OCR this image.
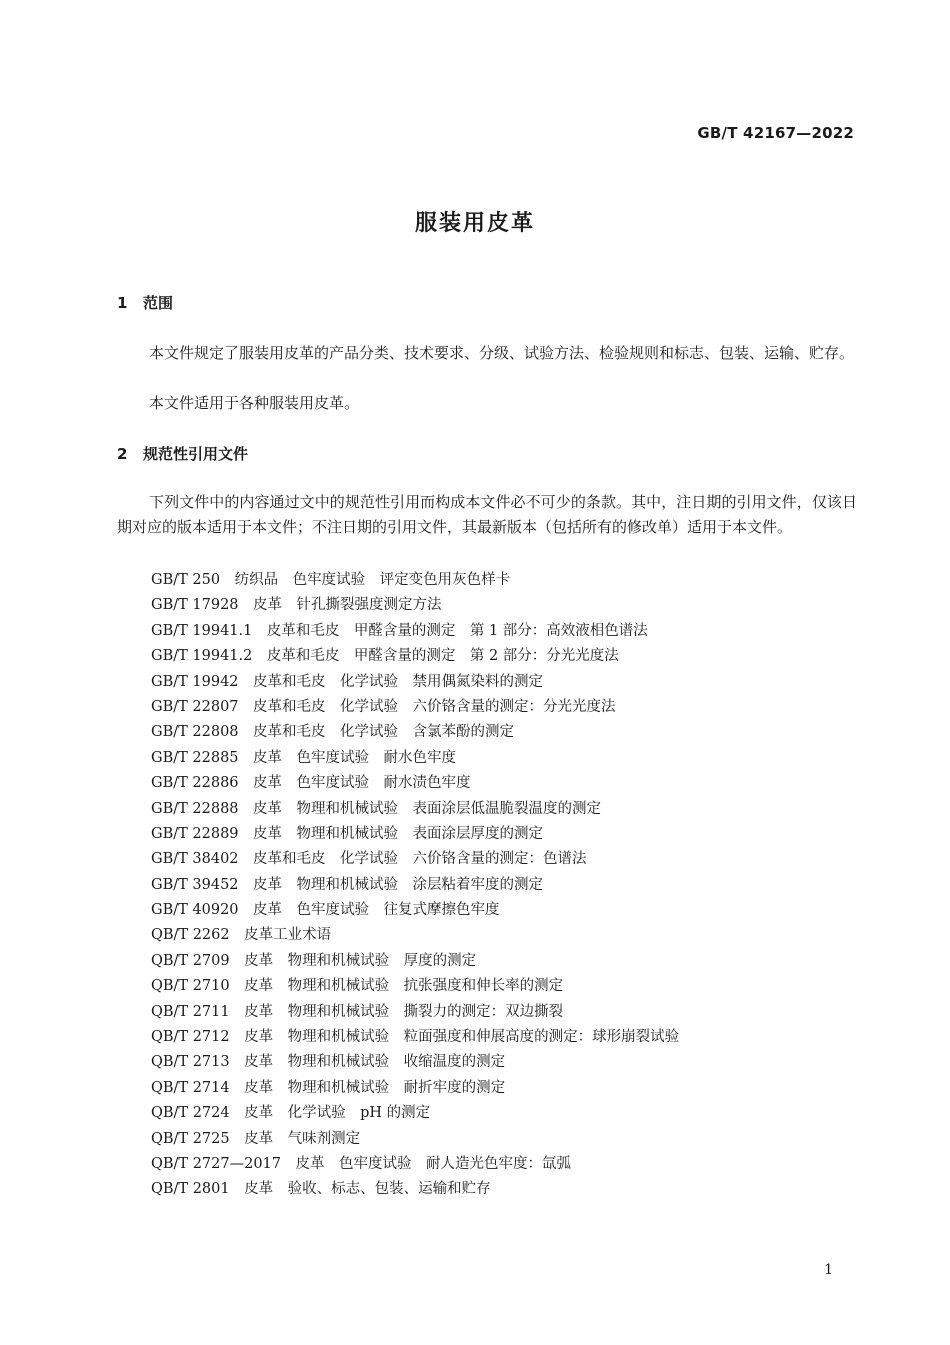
GB/T 42167—2022
服装用皮革
1 范围

本文件规定了服装用皮革的产品分类、技术要求、分级、试验方法、检验规则和标志、包装、运输、贮存。

本文件适用于各种服装用皮革。

2 规范性引用文件

下列文件中的内容通过文中的规范性引用而构成本文件必不可少的条款。其中，注日期的引用文件，仅该日期对应的版本适用于本文件；不注日期的引用文件，其最新版本（包括所有的修改单）适用于本文件。

GB/T 250　纺织品　色牢度试验　评定变色用灰色样卡
GB/T 17928　皮革　针孔撕裂强度测定方法
GB/T 19941.1　皮革和毛皮　甲醛含量的测定　第 1 部分：高效液相色谱法
GB/T 19941.2　皮革和毛皮　甲醛含量的测定　第 2 部分：分光光度法
GB/T 19942　皮革和毛皮　化学试验　禁用偶氮染料的测定
GB/T 22807　皮革和毛皮　化学试验　六价铬含量的测定：分光光度法
GB/T 22808　皮革和毛皮　化学试验　含氯苯酚的测定
GB/T 22885　皮革　色牢度试验　耐水色牢度
GB/T 22886　皮革　色牢度试验　耐水渍色牢度
GB/T 22888　皮革　物理和机械试验　表面涂层低温脆裂温度的测定
GB/T 22889　皮革　物理和机械试验　表面涂层厚度的测定
GB/T 38402　皮革和毛皮　化学试验　六价铬含量的测定：色谱法
GB/T 39452　皮革　物理和机械试验　涂层粘着牢度的测定
GB/T 40920　皮革　色牢度试验　往复式摩擦色牢度
QB/T 2262　皮革工业术语
QB/T 2709　皮革　物理和机械试验　厚度的测定
QB/T 2710　皮革　物理和机械试验　抗张强度和伸长率的测定
QB/T 2711　皮革　物理和机械试验　撕裂力的测定：双边撕裂
QB/T 2712　皮革　物理和机械试验　粒面强度和伸展高度的测定：球形崩裂试验
QB/T 2713　皮革　物理和机械试验　收缩温度的测定
QB/T 2714　皮革　物理和机械试验　耐折牢度的测定
QB/T 2724　皮革　化学试验　pH 的测定
QB/T 2725　皮革　气味剂测定
QB/T 2727—2017　皮革　色牢度试验　耐人造光色牢度：氙弧
QB/T 2801　皮革　验收、标志、包装、运输和贮存
1
